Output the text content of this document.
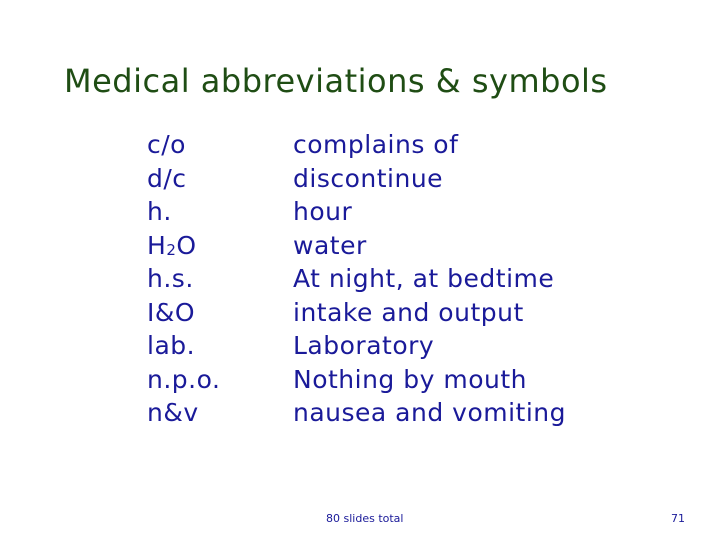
Medical abbreviations & symbols
c/o	complains of
d/c	discontinue
h.	hour
$H_2O$	water
h.s.	At night, at bedtime
I&O	intake and output
lab.	Laboratory
n.p.o.	Nothing by mouth
n&v	nausea and vomiting
80 slides total	71
